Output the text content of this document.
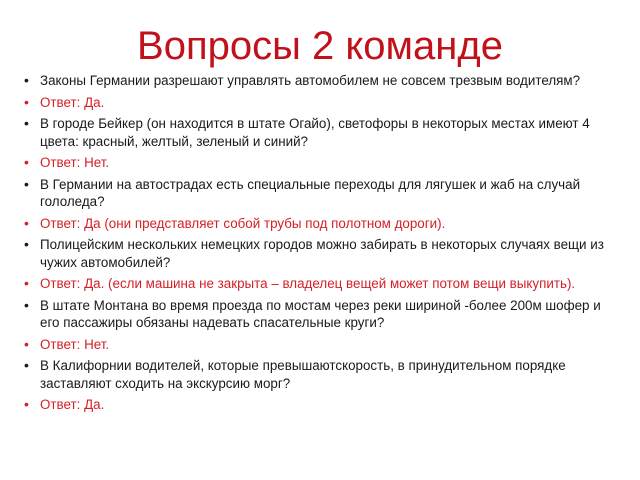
Вопросы 2 команде
• Законы Германии разрешают управлять автомобилем не совсем трезвым водителям?
• Ответ: Да.
• В городе Бейкер (он находится в штате Огайо), светофоры в некоторых местах имеют 4 цвета: красный, желтый, зеленый и синий?
• Ответ: Нет.
• В Германии на автострадах есть специальные переходы для лягушек и жаб на случай гололеда?
• Ответ: Да (они представляет собой трубы под полотном дороги).
• Полицейским нескольких немецких городов можно забирать в некоторых случаях вещи из чужих автомобилей?
• Ответ: Да. (если машина не закрыта – владелец вещей может потом вещи выкупить).
• В штате Монтана во время проезда по мостам через реки шириной -более 200м шофер и его пассажиры обязаны надевать спасательные круги?
• Ответ: Нет.
• В Калифорнии водителей, которые превышаютскорость, в принудительном порядке заставляют сходить на экскурсию морг?
• Ответ: Да.
